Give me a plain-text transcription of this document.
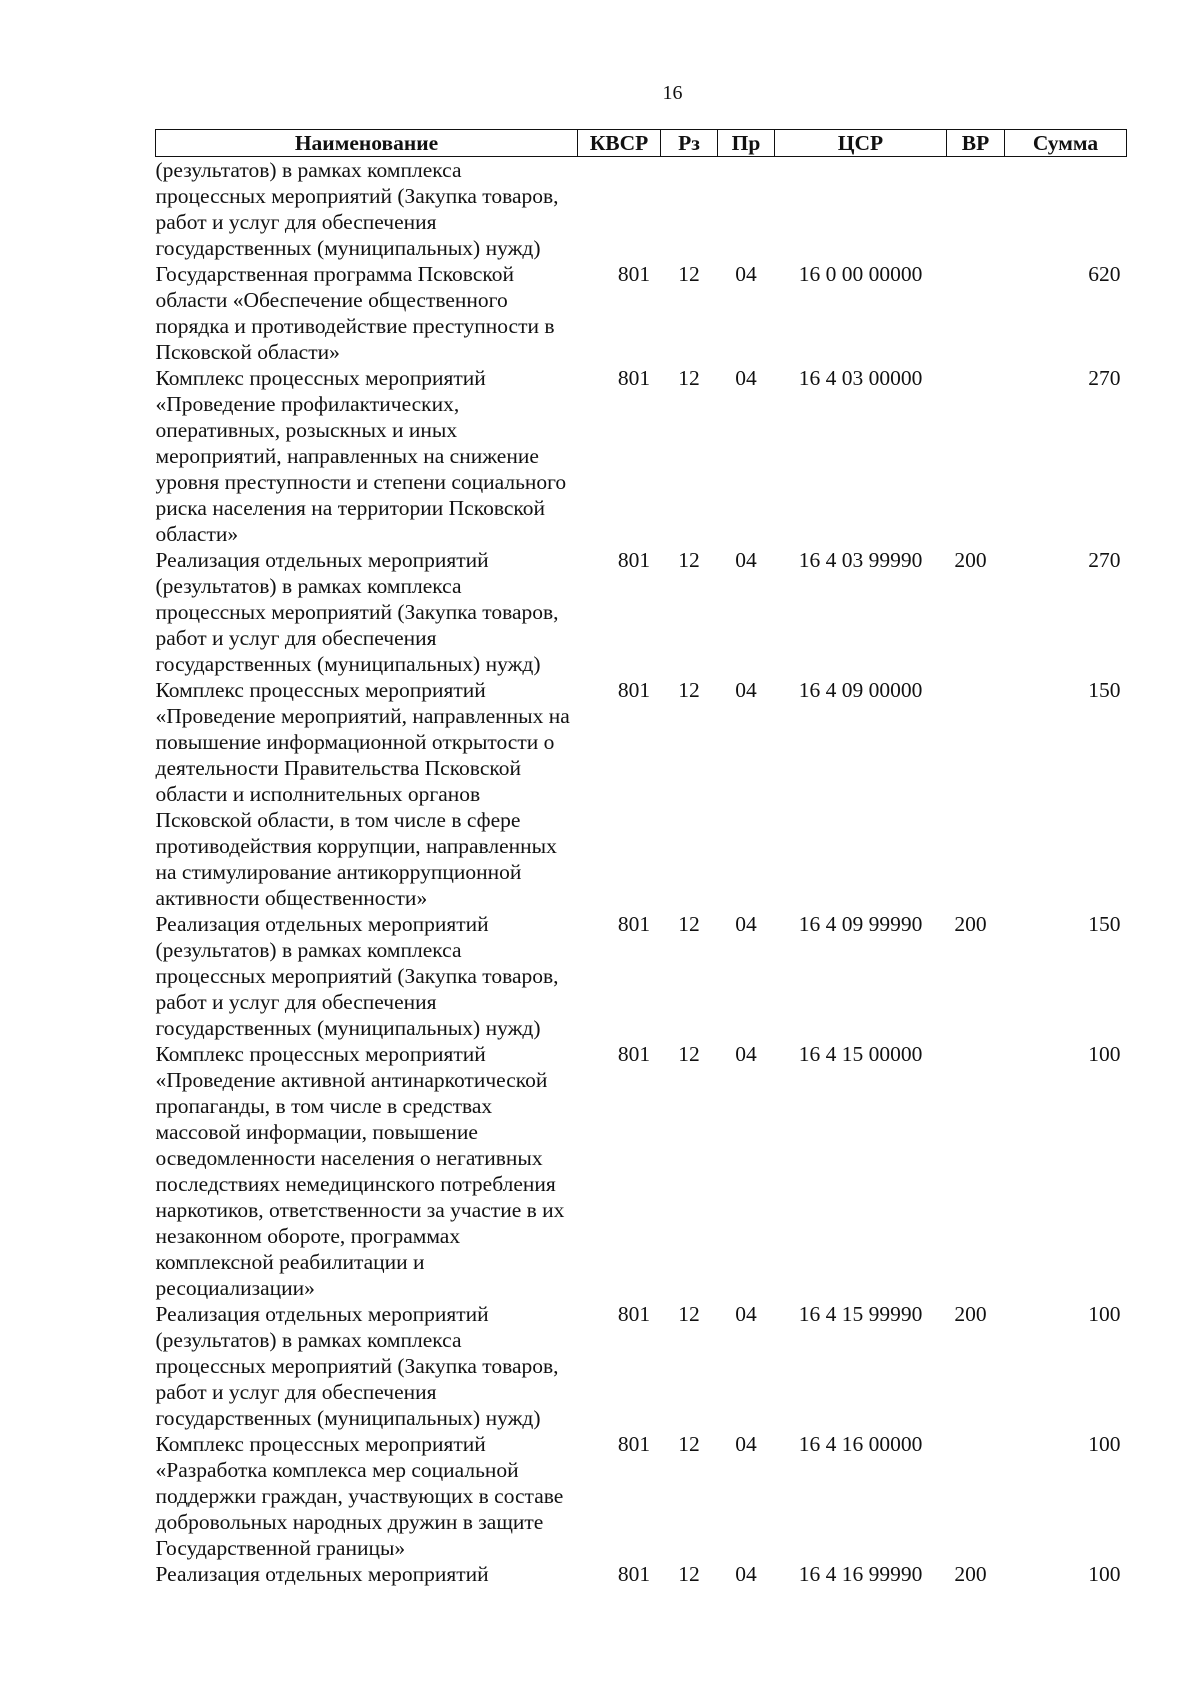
16
Наименование	КВСР	Рз	Пр	ЦСР	ВР	Сумма
(результатов) в рамках комплекса процессных мероприятий (Закупка товаров, работ и услуг для обеспечения государственных (муниципальных) нужд)						
Государственная программа Псковской области «Обеспечение общественного порядка и противодействие преступности в Псковской области»	801	12	04	16 0 00 00000		620
Комплекс процессных мероприятий «Проведение профилактических, оперативных, розыскных и иных мероприятий, направленных на снижение уровня преступности и степени социального риска населения на территории Псковской области»	801	12	04	16 4 03 00000		270
Реализация отдельных мероприятий (результатов) в рамках комплекса процессных мероприятий (Закупка товаров, работ и услуг для обеспечения государственных (муниципальных) нужд)	801	12	04	16 4 03 99990	200	270
Комплекс процессных мероприятий «Проведение мероприятий, направленных на повышение информационной открытости о деятельности Правительства Псковской области и исполнительных органов Псковской области, в том числе в сфере противодействия коррупции, направленных на стимулирование антикоррупционной активности общественности»	801	12	04	16 4 09 00000		150
Реализация отдельных мероприятий (результатов) в рамках комплекса процессных мероприятий (Закупка товаров, работ и услуг для обеспечения государственных (муниципальных) нужд)	801	12	04	16 4 09 99990	200	150
Комплекс процессных мероприятий «Проведение активной антинаркотической пропаганды, в том числе в средствах массовой информации, повышение осведомленности населения о негативных последствиях немедицинского потребления наркотиков, ответственности за участие в их незаконном обороте, программах комплексной реабилитации и ресоциализации»	801	12	04	16 4 15 00000		100
Реализация отдельных мероприятий (результатов) в рамках комплекса процессных мероприятий (Закупка товаров, работ и услуг для обеспечения государственных (муниципальных) нужд)	801	12	04	16 4 15 99990	200	100
Комплекс процессных мероприятий «Разработка комплекса мер социальной поддержки граждан, участвующих в составе добровольных народных дружин в защите Государственной границы»	801	12	04	16 4 16 00000		100
Реализация отдельных мероприятий	801	12	04	16 4 16 99990	200	100
